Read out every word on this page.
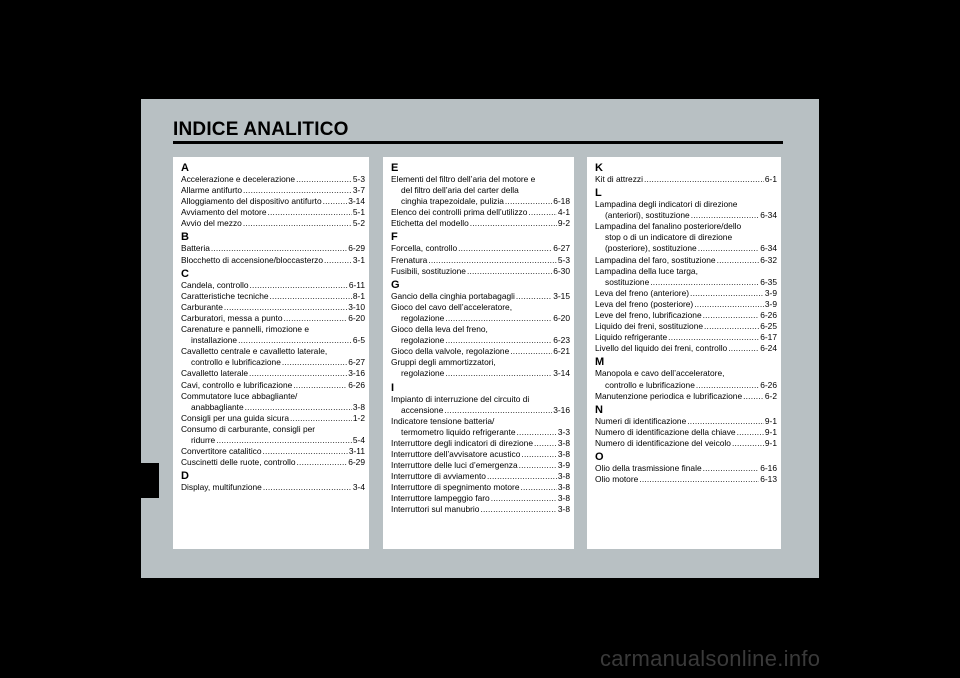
INDICE ANALITICO
A
Accelerazione e decelerazione .....	5-3
Allarme antifurto .....	3-7
Alloggiamento del dispositivo antifurto .....	3-14
Avviamento del motore .....	5-1
Avvio del mezzo .....	5-2
B
Batteria .....	6-29
Blocchetto di accensione/bloccasterzo .....	3-1
C
Candela, controllo .....	6-11
Caratteristiche tecniche .....	8-1
Carburante .....	3-10
Carburatori, messa a punto .....	6-20
Carenature e pannelli, rimozione e
installazione .....	6-5
Cavalletto centrale e cavalletto laterale,
controllo e lubrificazione .....	6-27
Cavalletto laterale .....	3-16
Cavi, controllo e lubrificazione .....	6-26
Commutatore luce abbagliante/
anabbagliante .....	3-8
Consigli per una guida sicura .....	1-2
Consumo di carburante, consigli per
ridurre .....	5-4
Convertitore catalitico .....	3-11
Cuscinetti delle ruote, controllo .....	6-29
D
Display, multifunzione .....	3-4
E
Elementi del filtro dell’aria del motore e
del filtro dell’aria del carter della
cinghia trapezoidale, pulizia .....	6-18
Elenco dei controlli prima dell’utilizzo .....	4-1
Etichetta del modello .....	9-2
F
Forcella, controllo .....	6-27
Frenatura .....	5-3
Fusibili, sostituzione .....	6-30
G
Gancio della cinghia portabagagli .....	3-15
Gioco del cavo dell’acceleratore,
regolazione .....	6-20
Gioco della leva del freno,
regolazione .....	6-23
Gioco della valvole, regolazione .....	6-21
Gruppi degli ammortizzatori,
regolazione .....	3-14
I
Impianto di interruzione del circuito di
accensione .....	3-16
Indicatore tensione batteria/
termometro liquido refrigerante .....	3-3
Interruttore degli indicatori di direzione .....	3-8
Interruttore dell’avvisatore acustico .....	3-8
Interruttore delle luci d’emergenza .....	3-9
Interruttore di avviamento .....	3-8
Interruttore di spegnimento motore .....	3-8
Interruttore lampeggio faro .....	3-8
Interruttori sul manubrio .....	3-8
K
Kit di attrezzi .....	6-1
L
Lampadina degli indicatori di direzione
(anteriori), sostituzione .....	6-34
Lampadina del fanalino posteriore/dello
stop o di un indicatore di direzione
(posteriore), sostituzione .....	6-34
Lampadina del faro, sostituzione .....	6-32
Lampadina della luce targa,
sostituzione .....	6-35
Leva del freno (anteriore) .....	3-9
Leva del freno (posteriore) .....	3-9
Leve del freno, lubrificazione .....	6-26
Liquido dei freni, sostituzione .....	6-25
Liquido refrigerante .....	6-17
Livello del liquido dei freni, controllo .....	6-24
M
Manopola e cavo dell’acceleratore,
controllo e lubrificazione .....	6-26
Manutenzione periodica e lubrificazione .....	6-2
N
Numeri di identificazione .....	9-1
Numero di identificazione della chiave .....	9-1
Numero di identificazione del veicolo .....	9-1
O
Olio della trasmissione finale .....	6-16
Olio motore .....	6-13
carmanualsonline.info
